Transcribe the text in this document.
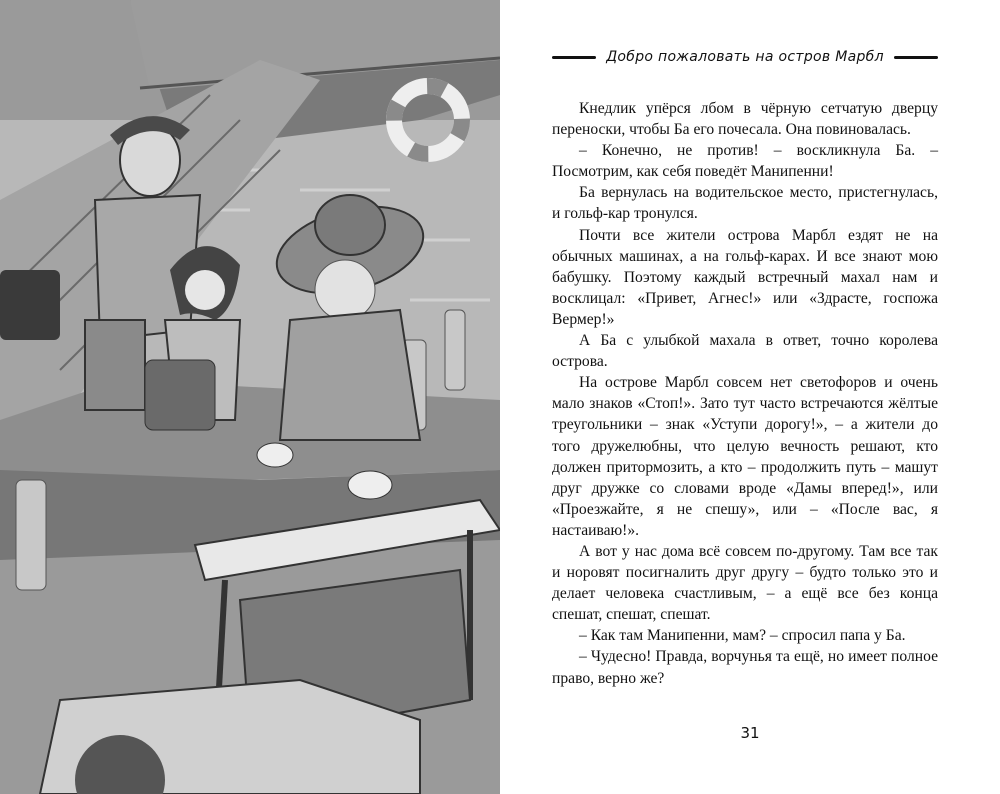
Добро пожаловать на остров Марбл

Кнедлик упёрся лбом в чёрную сетчатую дверцу переноски, чтобы Ба его почесала. Она повиновалась.

– Конечно, не против! – воскликнула Ба. – Посмотрим, как себя поведёт Манипенни!

Ба вернулась на водительское место, пристегнулась, и гольф-кар тронулся.

Почти все жители острова Марбл ездят не на обычных машинах, а на гольф-карах. И все знают мою бабушку. Поэтому каждый встречный махал нам и восклицал: «Привет, Агнес!» или «Здрасте, госпожа Вермер!»

А Ба с улыбкой махала в ответ, точно королева острова.

На острове Марбл совсем нет светофоров и очень мало знаков «Стоп!». Зато тут часто встречаются жёлтые треугольники – знак «Уступи дорогу!», – а жители до того дружелюбны, что целую вечность решают, кто должен притормозить, а кто – продолжить путь – машут друг дружке со словами вроде «Дамы вперед!», или «Проезжайте, я не спешу», или – «После вас, я настаиваю!».

А вот у нас дома всё совсем по-другому. Там все так и норовят посигналить друг другу – будто только это и делает человека счастливым, – а ещё все без конца спешат, спешат, спешат.

– Как там Манипенни, мам? – спросил папа у Ба.

– Чудесно! Правда, ворчунья та ещё, но имеет полное право, верно же?

31
